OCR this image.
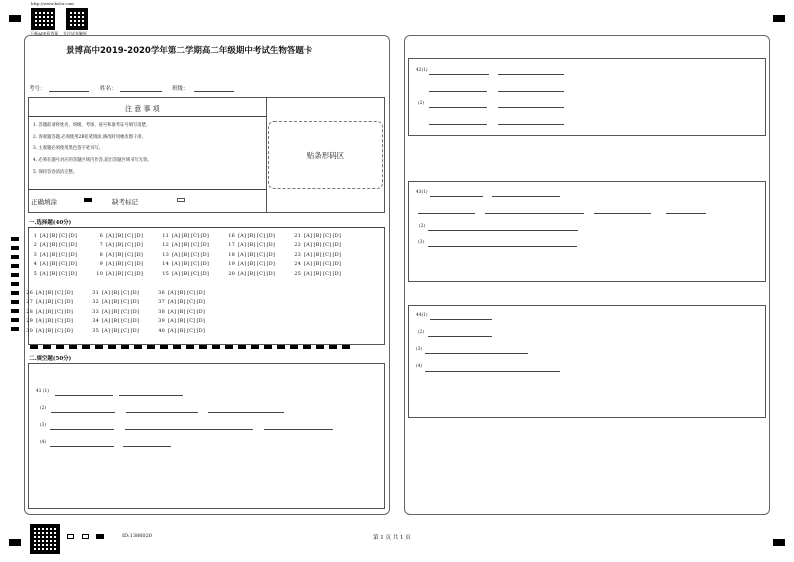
http://www.ks5u.com
下载APP看答案 关注试卷解析
景博高中2019-2020学年第二学期高二年级期中考试生物答题卡
考号：	姓名：	班级：
注 意 事 项
1. 答题前请将姓名、班级、考场、座号和准考证号填写清楚。
2. 客观题答题,必须使用2B铅笔填涂,修改时用橡皮擦干净。
3. 主观题必须使用黑色签字笔书写。
4. 必须在题号对应的答题区域内作答,超出答题区域书写无效。
5. 保持答卷清洁完整。
贴条形码区
正确填涂	缺考标记
一.选择题(40分)
1 [A][B][C][D]
2 [A][B][C][D]
3 [A][B][C][D]
4 [A][B][C][D]
5 [A][B][C][D]
6 [A][B][C][D]
7 [A][B][C][D]
8 [A][B][C][D]
9 [A][B][C][D]
10 [A][B][C][D]
11 [A][B][C][D]
12 [A][B][C][D]
13 [A][B][C][D]
14 [A][B][C][D]
15 [A][B][C][D]
16 [A][B][C][D]
17 [A][B][C][D]
18 [A][B][C][D]
19 [A][B][C][D]
20 [A][B][C][D]
21 [A][B][C][D]
22 [A][B][C][D]
23 [A][B][C][D]
24 [A][B][C][D]
25 [A][B][C][D]
26 [A][B][C][D]
27 [A][B][C][D]
28 [A][B][C][D]
29 [A][B][C][D]
30 [A][B][C][D]
31 [A][B][C][D]
32 [A][B][C][D]
33 [A][B][C][D]
34 [A][B][C][D]
35 [A][B][C][D]
36 [A][B][C][D]
37 [A][B][C][D]
38 [A][B][C][D]
39 [A][B][C][D]
40 [A][B][C][D]
二.填空题(50分)
41 (1)
(2)
(3)
(4)
42(1)
(2)
43(1)
(2)
(3)
44(1)
(2)
(3)
(4)
ID:1386020	第 1 页 共 1 页
